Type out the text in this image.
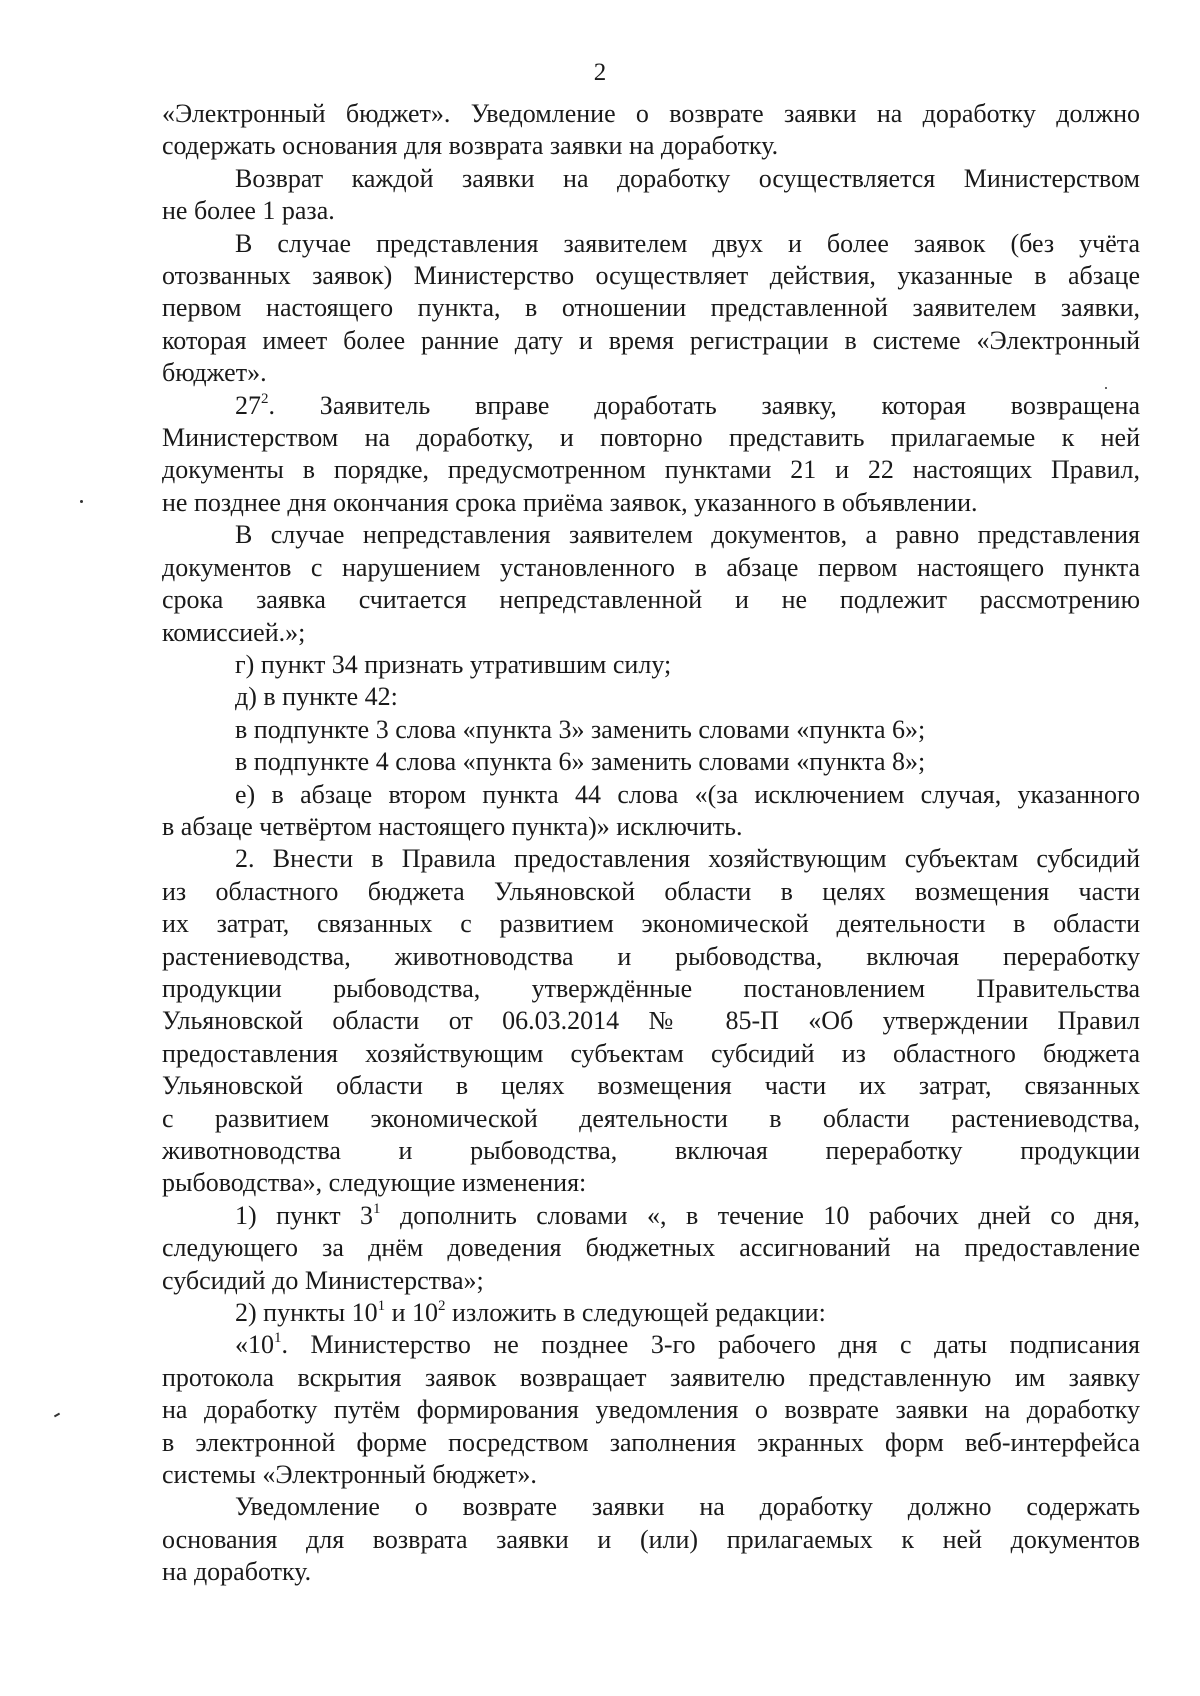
2

«Электронный бюджет». Уведомление о возврате заявки на доработку должно

содержать основания для возврата заявки на доработку.

Возврат каждой заявки на доработку осуществляется Министерством

не более 1 раза.

В случае представления заявителем двух и более заявок (без учёта

отозванных заявок) Министерство осуществляет действия, указанные в абзаце

первом настоящего пункта, в отношении представленной заявителем заявки,

которая имеет более ранние дату и время регистрации в системе «Электронный

бюджет».

$27^2$. Заявитель вправе доработать заявку, которая возвращена

Министерством на доработку, и повторно представить прилагаемые к ней

документы в порядке, предусмотренном пунктами 21 и 22 настоящих Правил,

не позднее дня окончания срока приёма заявок, указанного в объявлении.

В случае непредставления заявителем документов, а равно представления

документов с нарушением установленного в абзаце первом настоящего пункта

срока заявка считается непредставленной и не подлежит рассмотрению

комиссией.»;

г) пункт 34 признать утратившим силу;

д) в пункте 42:

в подпункте 3 слова «пункта 3» заменить словами «пункта 6»;

в подпункте 4 слова «пункта 6» заменить словами «пункта 8»;

е) в абзаце втором пункта 44 слова «(за исключением случая, указанного

в абзаце четвёртом настоящего пункта)» исключить.

2. Внести в Правила предоставления хозяйствующим субъектам субсидий

из областного бюджета Ульяновской области в целях возмещения части

их затрат, связанных с развитием экономической деятельности в области

растениеводства, животноводства и рыбоводства, включая переработку

продукции рыбоводства, утверждённые постановлением Правительства

Ульяновской области от 06.03.2014 № 85-П «Об утверждении Правил

предоставления хозяйствующим субъектам субсидий из областного бюджета

Ульяновской области в целях возмещения части их затрат, связанных

с развитием экономической деятельности в области растениеводства,

животноводства и рыбоводства, включая переработку продукции

рыбоводства», следующие изменения:

1) пункт $3^1$ дополнить словами «, в течение 10 рабочих дней со дня,

следующего за днём доведения бюджетных ассигнований на предоставление

субсидий до Министерства»;

2) пункты $10^1$ и $10^2$ изложить в следующей редакции:

«$10^1$. Министерство не позднее 3-го рабочего дня с даты подписания

протокола вскрытия заявок возвращает заявителю представленную им заявку

на доработку путём формирования уведомления о возврате заявки на доработку

в электронной форме посредством заполнения экранных форм веб-интерфейса

системы «Электронный бюджет».

Уведомление о возврате заявки на доработку должно содержать

основания для возврата заявки и (или) прилагаемых к ней документов

на доработку.
